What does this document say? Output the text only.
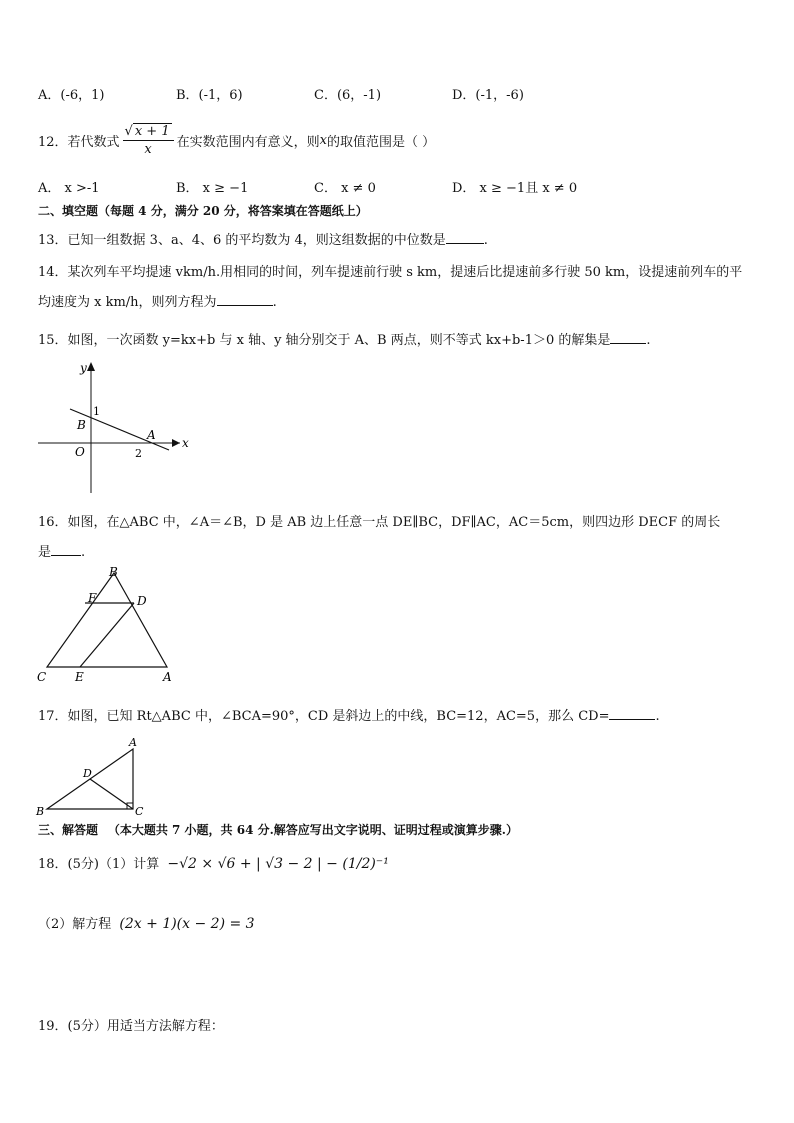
A．(-6，1)	B．(-1，6)	C．(6，-1)	D．(-1，-6)
12．若代数式 $\frac{√ x + 1}{x}$ 在实数范围内有意义，则 x 的取值范围是（ ）
A． x >-1	B． x ≥ −1	C． x ≠ 0	D． x ≥ −1且 x ≠ 0
二、填空题（每题 4 分，满分 20 分，将答案填在答题纸上）
13．已知一组数据 3、a、4、6 的平均数为 4，则这组数据的中位数是	.
14．某次列车平均提速 vkm/h.用相同的时间，列车提速前行驶 s km，提速后比提速前多行驶 50 km，设提速前列车的平
均速度为 x km/h，则列方程为	.
15．如图，一次函数 y=kx+b 与 x 轴、y 轴分别交于 A、B 两点，则不等式 kx+b-1＞0 的解集是	.
y
x
1
B
A
O	2
16．如图，在△ABC 中，∠A＝∠B，D 是 AB 边上任意一点 DE∥BC，DF∥AC，AC＝5cm，则四边形 DECF 的周长
是 .
B
F	D
C E	A
17．如图，已知 Rt△ABC 中，∠BCA=90°，CD 是斜边上的中线，BC=12，AC=5，那么 CD=	.
A
D
B	C
三、解答题 （本大题共 7 小题，共 64 分.解答应写出文字说明、证明过程或演算步骤.）
18．(5分)（1）计算 −√2 × √6 + | √3 − 2 | − (1/2)⁻¹
（2）解方程 (2x + 1)(x − 2) = 3
19．(5分）用适当方法解方程：
